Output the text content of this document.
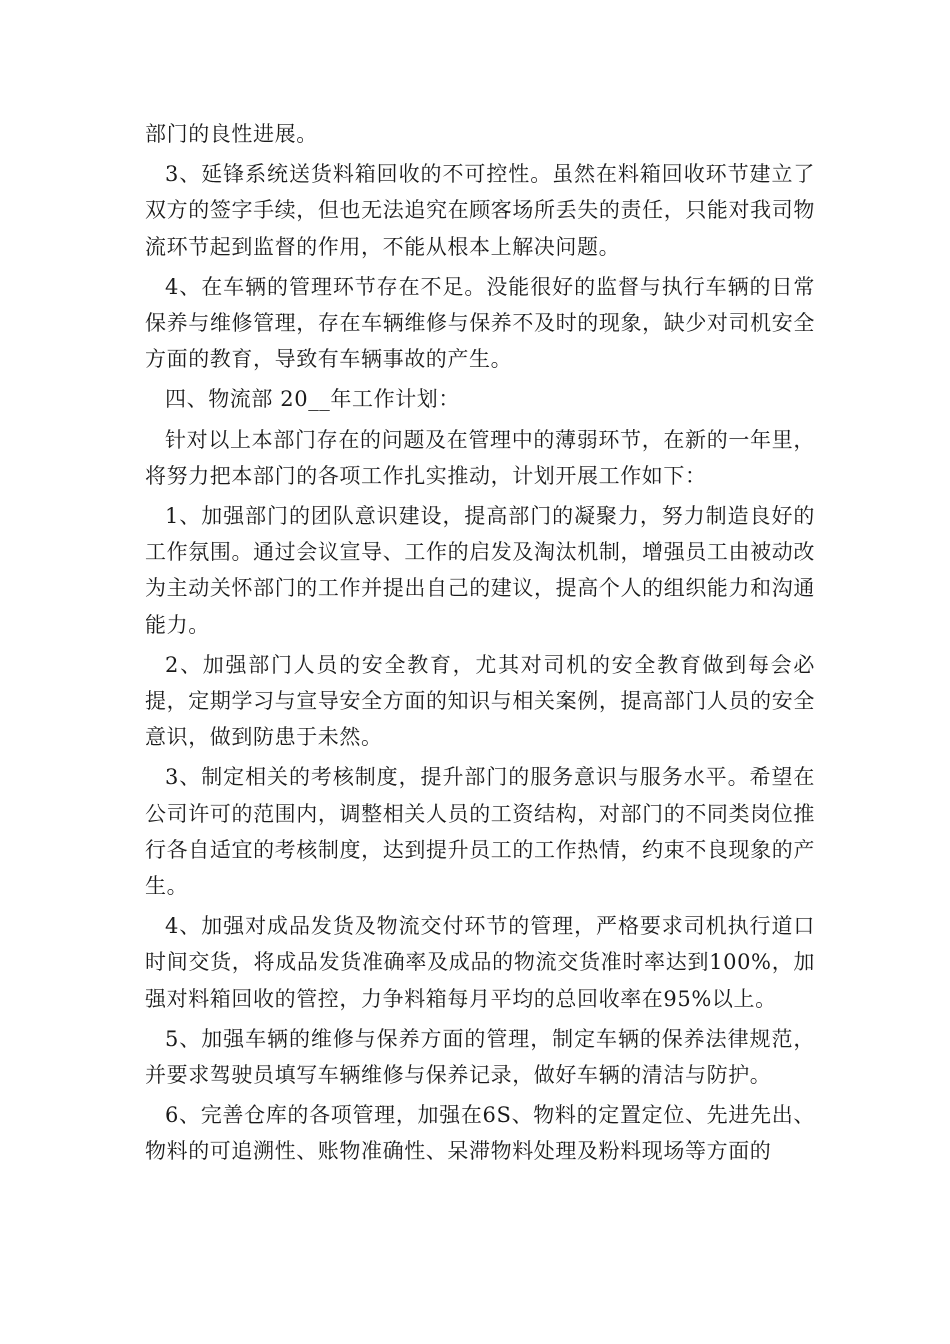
部门的良性进展。

3、延锋系统送货料箱回收的不可控性。虽然在料箱回收环节建立了双方的签字手续，但也无法追究在顾客场所丢失的责任，只能对我司物流环节起到监督的作用，不能从根本上解决问题。

4、在车辆的管理环节存在不足。没能很好的监督与执行车辆的日常保养与维修管理，存在车辆维修与保养不及时的现象，缺少对司机安全方面的教育，导致有车辆事故的产生。

四、物流部 20__年工作计划：

针对以上本部门存在的问题及在管理中的薄弱环节，在新的一年里，将努力把本部门的各项工作扎实推动，计划开展工作如下：

1、加强部门的团队意识建设，提高部门的凝聚力，努力制造良好的工作氛围。通过会议宣导、工作的启发及淘汰机制，增强员工由被动改为主动关怀部门的工作并提出自己的建议，提高个人的组织能力和沟通能力。

2、加强部门人员的安全教育，尤其对司机的安全教育做到每会必提，定期学习与宣导安全方面的知识与相关案例，提高部门人员的安全意识，做到防患于未然。

3、制定相关的考核制度，提升部门的服务意识与服务水平。希望在公司许可的范围内，调整相关人员的工资结构，对部门的不同类岗位推行各自适宜的考核制度，达到提升员工的工作热情，约束不良现象的产生。

4、加强对成品发货及物流交付环节的管理，严格要求司机执行道口时间交货，将成品发货准确率及成品的物流交货准时率达到100%，加强对料箱回收的管控，力争料箱每月平均的总回收率在95%以上。

5、加强车辆的维修与保养方面的管理，制定车辆的保养法律规范，并要求驾驶员填写车辆维修与保养记录，做好车辆的清洁与防护。

6、完善仓库的各项管理，加强在6S、物料的定置定位、先进先出、物料的可追溯性、账物准确性、呆滞物料处理及粉料现场等方面的
